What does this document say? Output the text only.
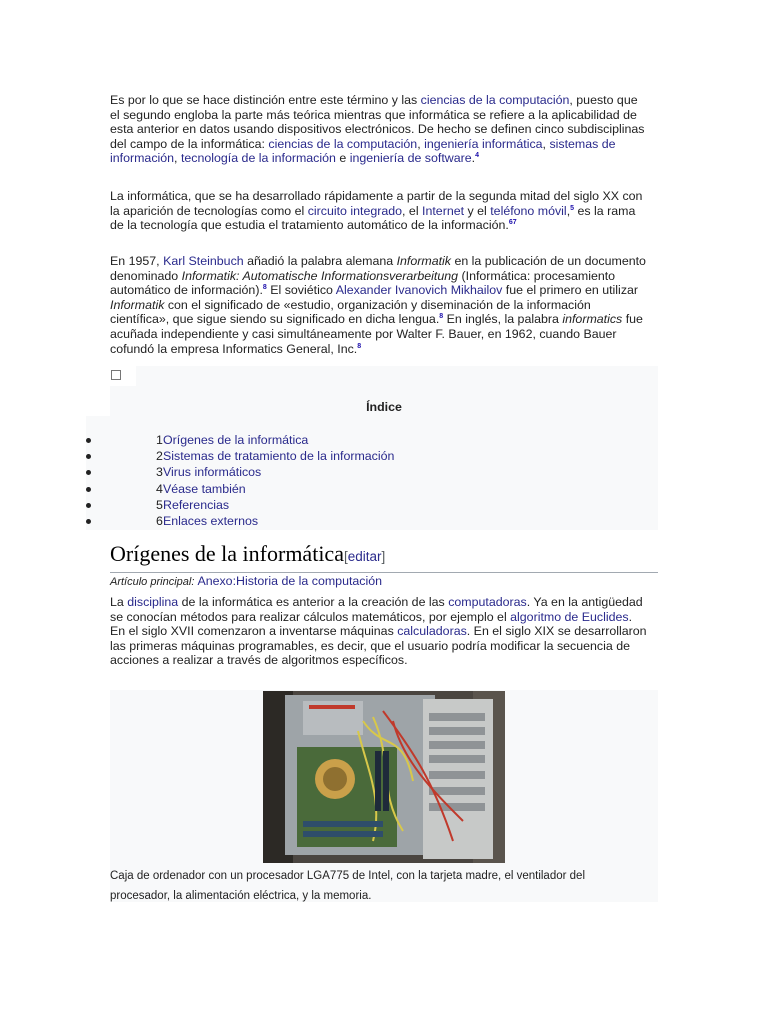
Es por lo que se hace distinción entre este término y las ciencias de la computación, puesto que el segundo engloba la parte más teórica mientras que informática se refiere a la aplicabilidad de esta anterior en datos usando dispositivos electrónicos. De hecho se definen cinco subdisciplinas del campo de la informática: ciencias de la computación, ingeniería informática, sistemas de información, tecnología de la información e ingeniería de software.$^4$

La informática, que se ha desarrollado rápidamente a partir de la segunda mitad del siglo XX con la aparición de tecnologías como el circuito integrado, el Internet y el teléfono móvil,$^5$ es la rama de la tecnología que estudia el tratamiento automático de la información.$^{67}$

En 1957, Karl Steinbuch añadió la palabra alemana Informatik en la publicación de un documento denominado Informatik: Automatische Informationsverarbeitung (Informática: procesamiento automático de información).$^8$ El soviético Alexander Ivanovich Mikhailov fue el primero en utilizar Informatik con el significado de «estudio, organización y diseminación de la información científica», que sigue siendo su significado en dicha lengua.$^8$ En inglés, la palabra informatics fue acuñada independiente y casi simultáneamente por Walter F. Bauer, en 1962, cuando Bauer cofundó la empresa Informatics General, Inc.$^8$

Índice
1 Orígenes de la informática
2 Sistemas de tratamiento de la información
3 Virus informáticos
4 Véase también
5 Referencias
6 Enlaces externos
Orígenes de la informática[editar]
Artículo principal: Anexo:Historia de la computación

La disciplina de la informática es anterior a la creación de las computadoras. Ya en la antigüedad se conocían métodos para realizar cálculos matemáticos, por ejemplo el algoritmo de Euclides. En el siglo XVII comenzaron a inventarse máquinas calculadoras. En el siglo XIX se desarrollaron las primeras máquinas programables, es decir, que el usuario podría modificar la secuencia de acciones a realizar a través de algoritmos específicos.

Caja de ordenador con un procesador LGA775 de Intel, con la tarjeta madre, el ventilador del procesador, la alimentación eléctrica, y la memoria.
